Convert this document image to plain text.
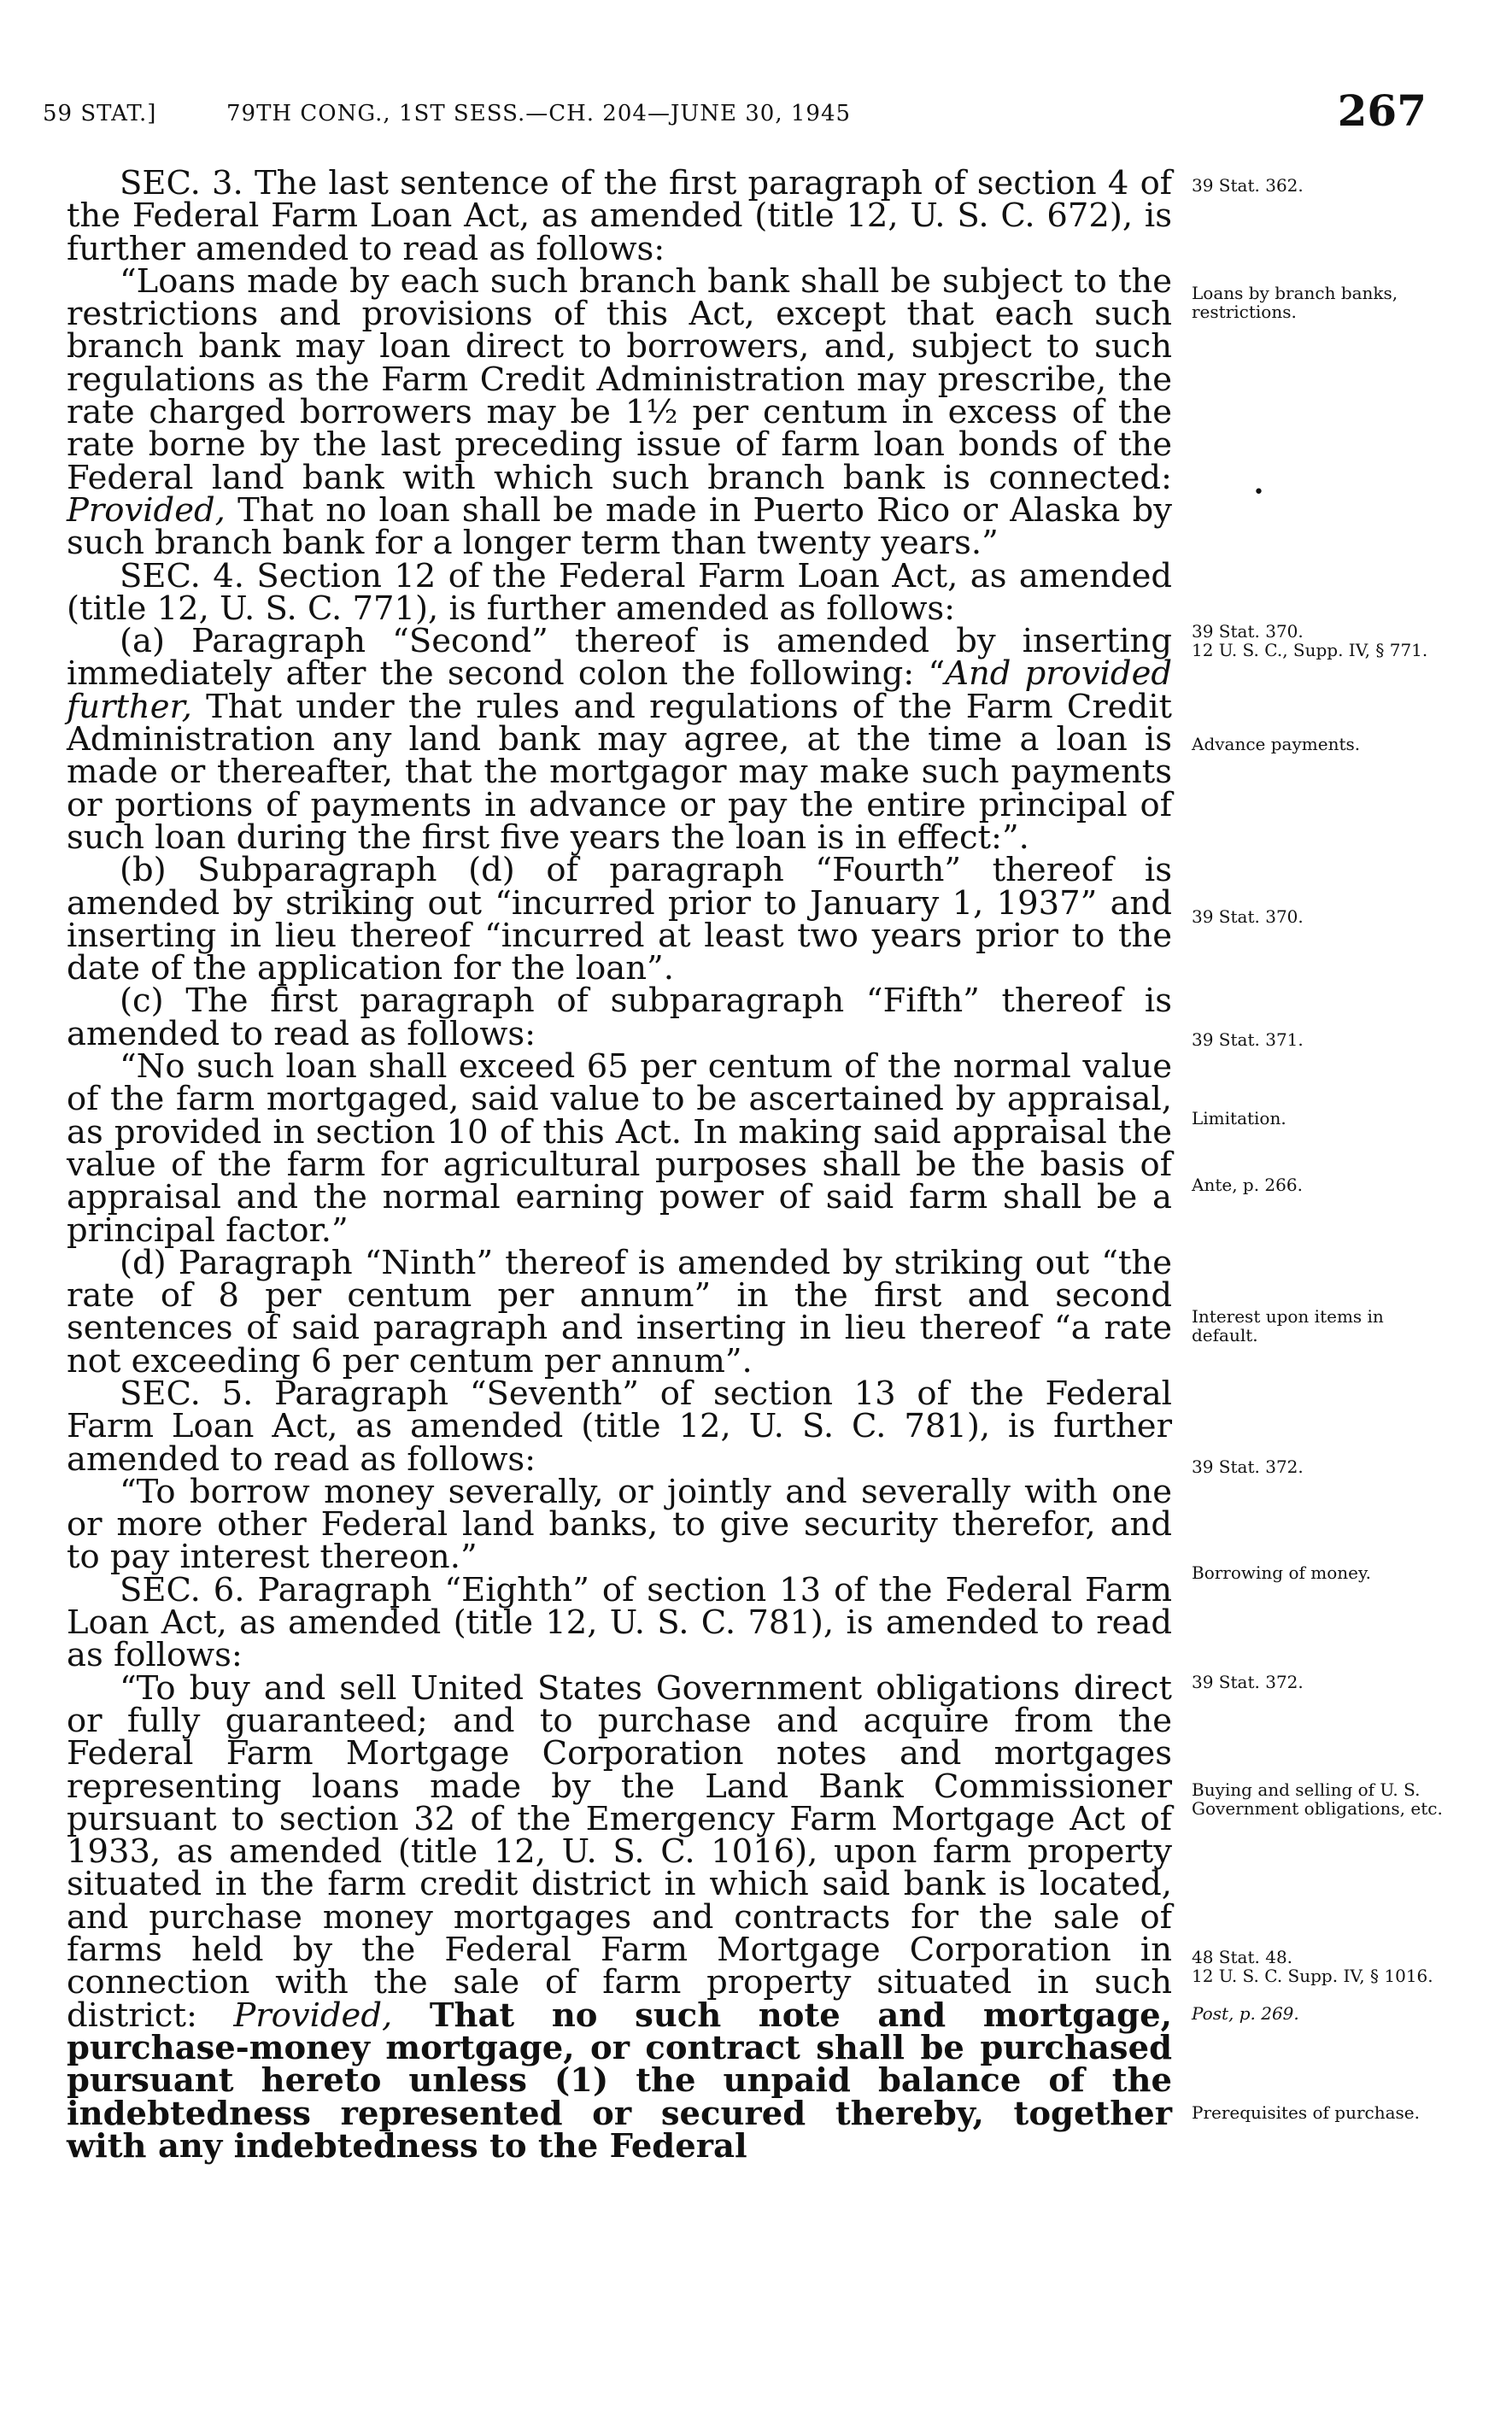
59 STAT.]	79TH CONG., 1ST SESS.—CH. 204—JUNE 30, 1945	267

SEC. 3. The last sentence of the first paragraph of section 4 of the Federal Farm Loan Act, as amended (title 12, U. S. C. 672), is further amended to read as follows:

“Loans made by each such branch bank shall be subject to the restrictions and provisions of this Act, except that each such branch bank may loan direct to borrowers, and, subject to such regulations as the Farm Credit Administration may prescribe, the rate charged borrowers may be 1½ per centum in excess of the rate borne by the last preceding issue of farm loan bonds of the Federal land bank with which such branch bank is connected: Provided, That no loan shall be made in Puerto Rico or Alaska by such branch bank for a longer term than twenty years.”

SEC. 4. Section 12 of the Federal Farm Loan Act, as amended (title 12, U. S. C. 771), is further amended as follows:

(a) Paragraph “Second” thereof is amended by inserting immediately after the second colon the following: “And provided further, That under the rules and regulations of the Farm Credit Administration any land bank may agree, at the time a loan is made or thereafter, that the mortgagor may make such payments or portions of payments in advance or pay the entire principal of such loan during the first five years the loan is in effect:”.

(b) Subparagraph (d) of paragraph “Fourth” thereof is amended by striking out “incurred prior to January 1, 1937” and inserting in lieu thereof “incurred at least two years prior to the date of the application for the loan”.

(c) The first paragraph of subparagraph “Fifth” thereof is amended to read as follows:

“No such loan shall exceed 65 per centum of the normal value of the farm mortgaged, said value to be ascertained by appraisal, as provided in section 10 of this Act. In making said appraisal the value of the farm for agricultural purposes shall be the basis of appraisal and the normal earning power of said farm shall be a principal factor.”

(d) Paragraph “Ninth” thereof is amended by striking out “the rate of 8 per centum per annum” in the first and second sentences of said paragraph and inserting in lieu thereof “a rate not exceeding 6 per centum per annum”.

SEC. 5. Paragraph “Seventh” of section 13 of the Federal Farm Loan Act, as amended (title 12, U. S. C. 781), is further amended to read as follows:

“To borrow money severally, or jointly and severally with one or more other Federal land banks, to give security therefor, and to pay interest thereon.”

SEC. 6. Paragraph “Eighth” of section 13 of the Federal Farm Loan Act, as amended (title 12, U. S. C. 781), is amended to read as follows:

“To buy and sell United States Government obligations direct or fully guaranteed; and to purchase and acquire from the Federal Farm Mortgage Corporation notes and mortgages representing loans made by the Land Bank Commissioner pursuant to section 32 of the Emergency Farm Mortgage Act of 1933, as amended (title 12, U. S. C. 1016), upon farm property situated in the farm credit district in which said bank is located, and purchase money mortgages and contracts for the sale of farms held by the Federal Farm Mortgage Corporation in connection with the sale of farm property situated in such district: Provided, That no such note and mortgage, purchase-money mortgage, or contract shall be purchased pursuant hereto unless (1) the unpaid balance of the indebtedness represented or secured thereby, together with any indebtedness to the Federal

39 Stat. 362.
Loans by branch banks, restrictions.
•
39 Stat. 370.
12 U. S. C., Supp. IV, § 771.
Advance payments.
39 Stat. 370.
39 Stat. 371.
Limitation.
Ante, p. 266.
Interest upon items in default.
39 Stat. 372.
Borrowing of money.
39 Stat. 372.
Buying and selling of U. S. Government obligations, etc.
48 Stat. 48.
12 U. S. C. Supp. IV, § 1016.
Post, p. 269.
Prerequisites of purchase.
